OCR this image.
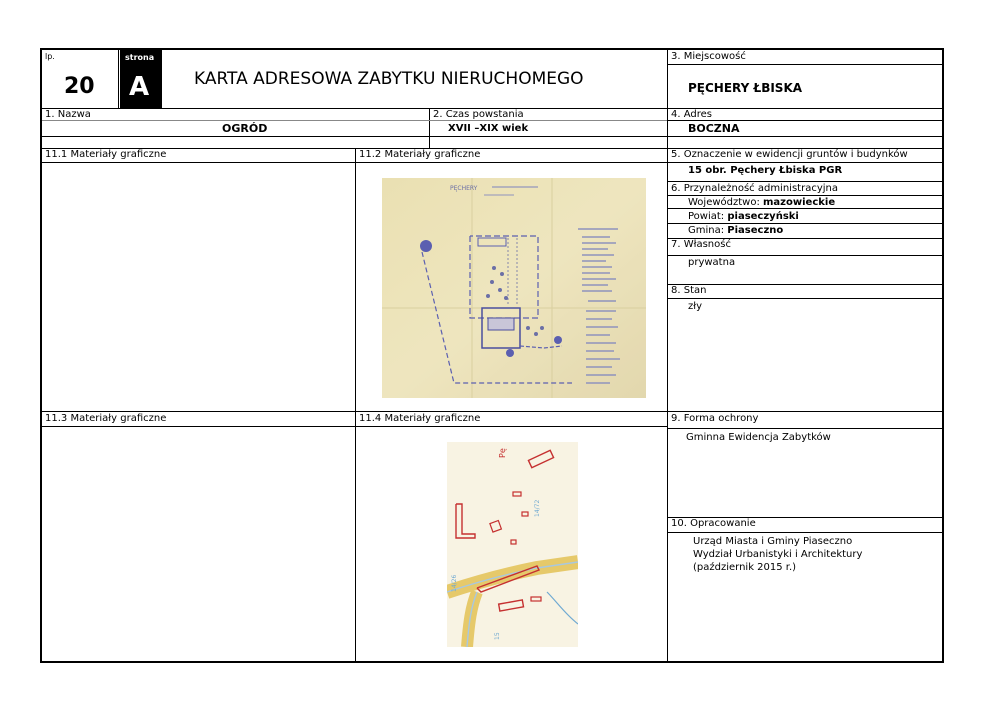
lp.
20
strona
A	KARTA ADRESOWA ZABYTKU NIERUCHOMEGO
3. Miejscowość
PĘCHERY ŁBISKA
4. Adres
BOCZNA
5. Oznaczenie w ewidencji gruntów i budynków
15 obr. Pęchery Łbiska PGR
6. Przynależność administracyjna
Województwo: mazowieckie
Powiat: piaseczyński
Gmina: Piaseczno
7. Własność
prywatna
8. Stan
zły
9. Forma ochrony
Gminna Ewidencja Zabytków
10. Opracowanie
Urząd Miasta i Gminy Piaseczno
Wydział Urbanistyki i Architektury
(październik 2015 r.)
1. Nazwa
OGRÓD
2. Czas powstania
XVII –XIX wiek
11.1 Materiały graficzne	11.2 Materiały graficzne
11.3 Materiały graficzne	11.4 Materiały graficzne
PĘCHERY
Pę
14/72
14/26
15
